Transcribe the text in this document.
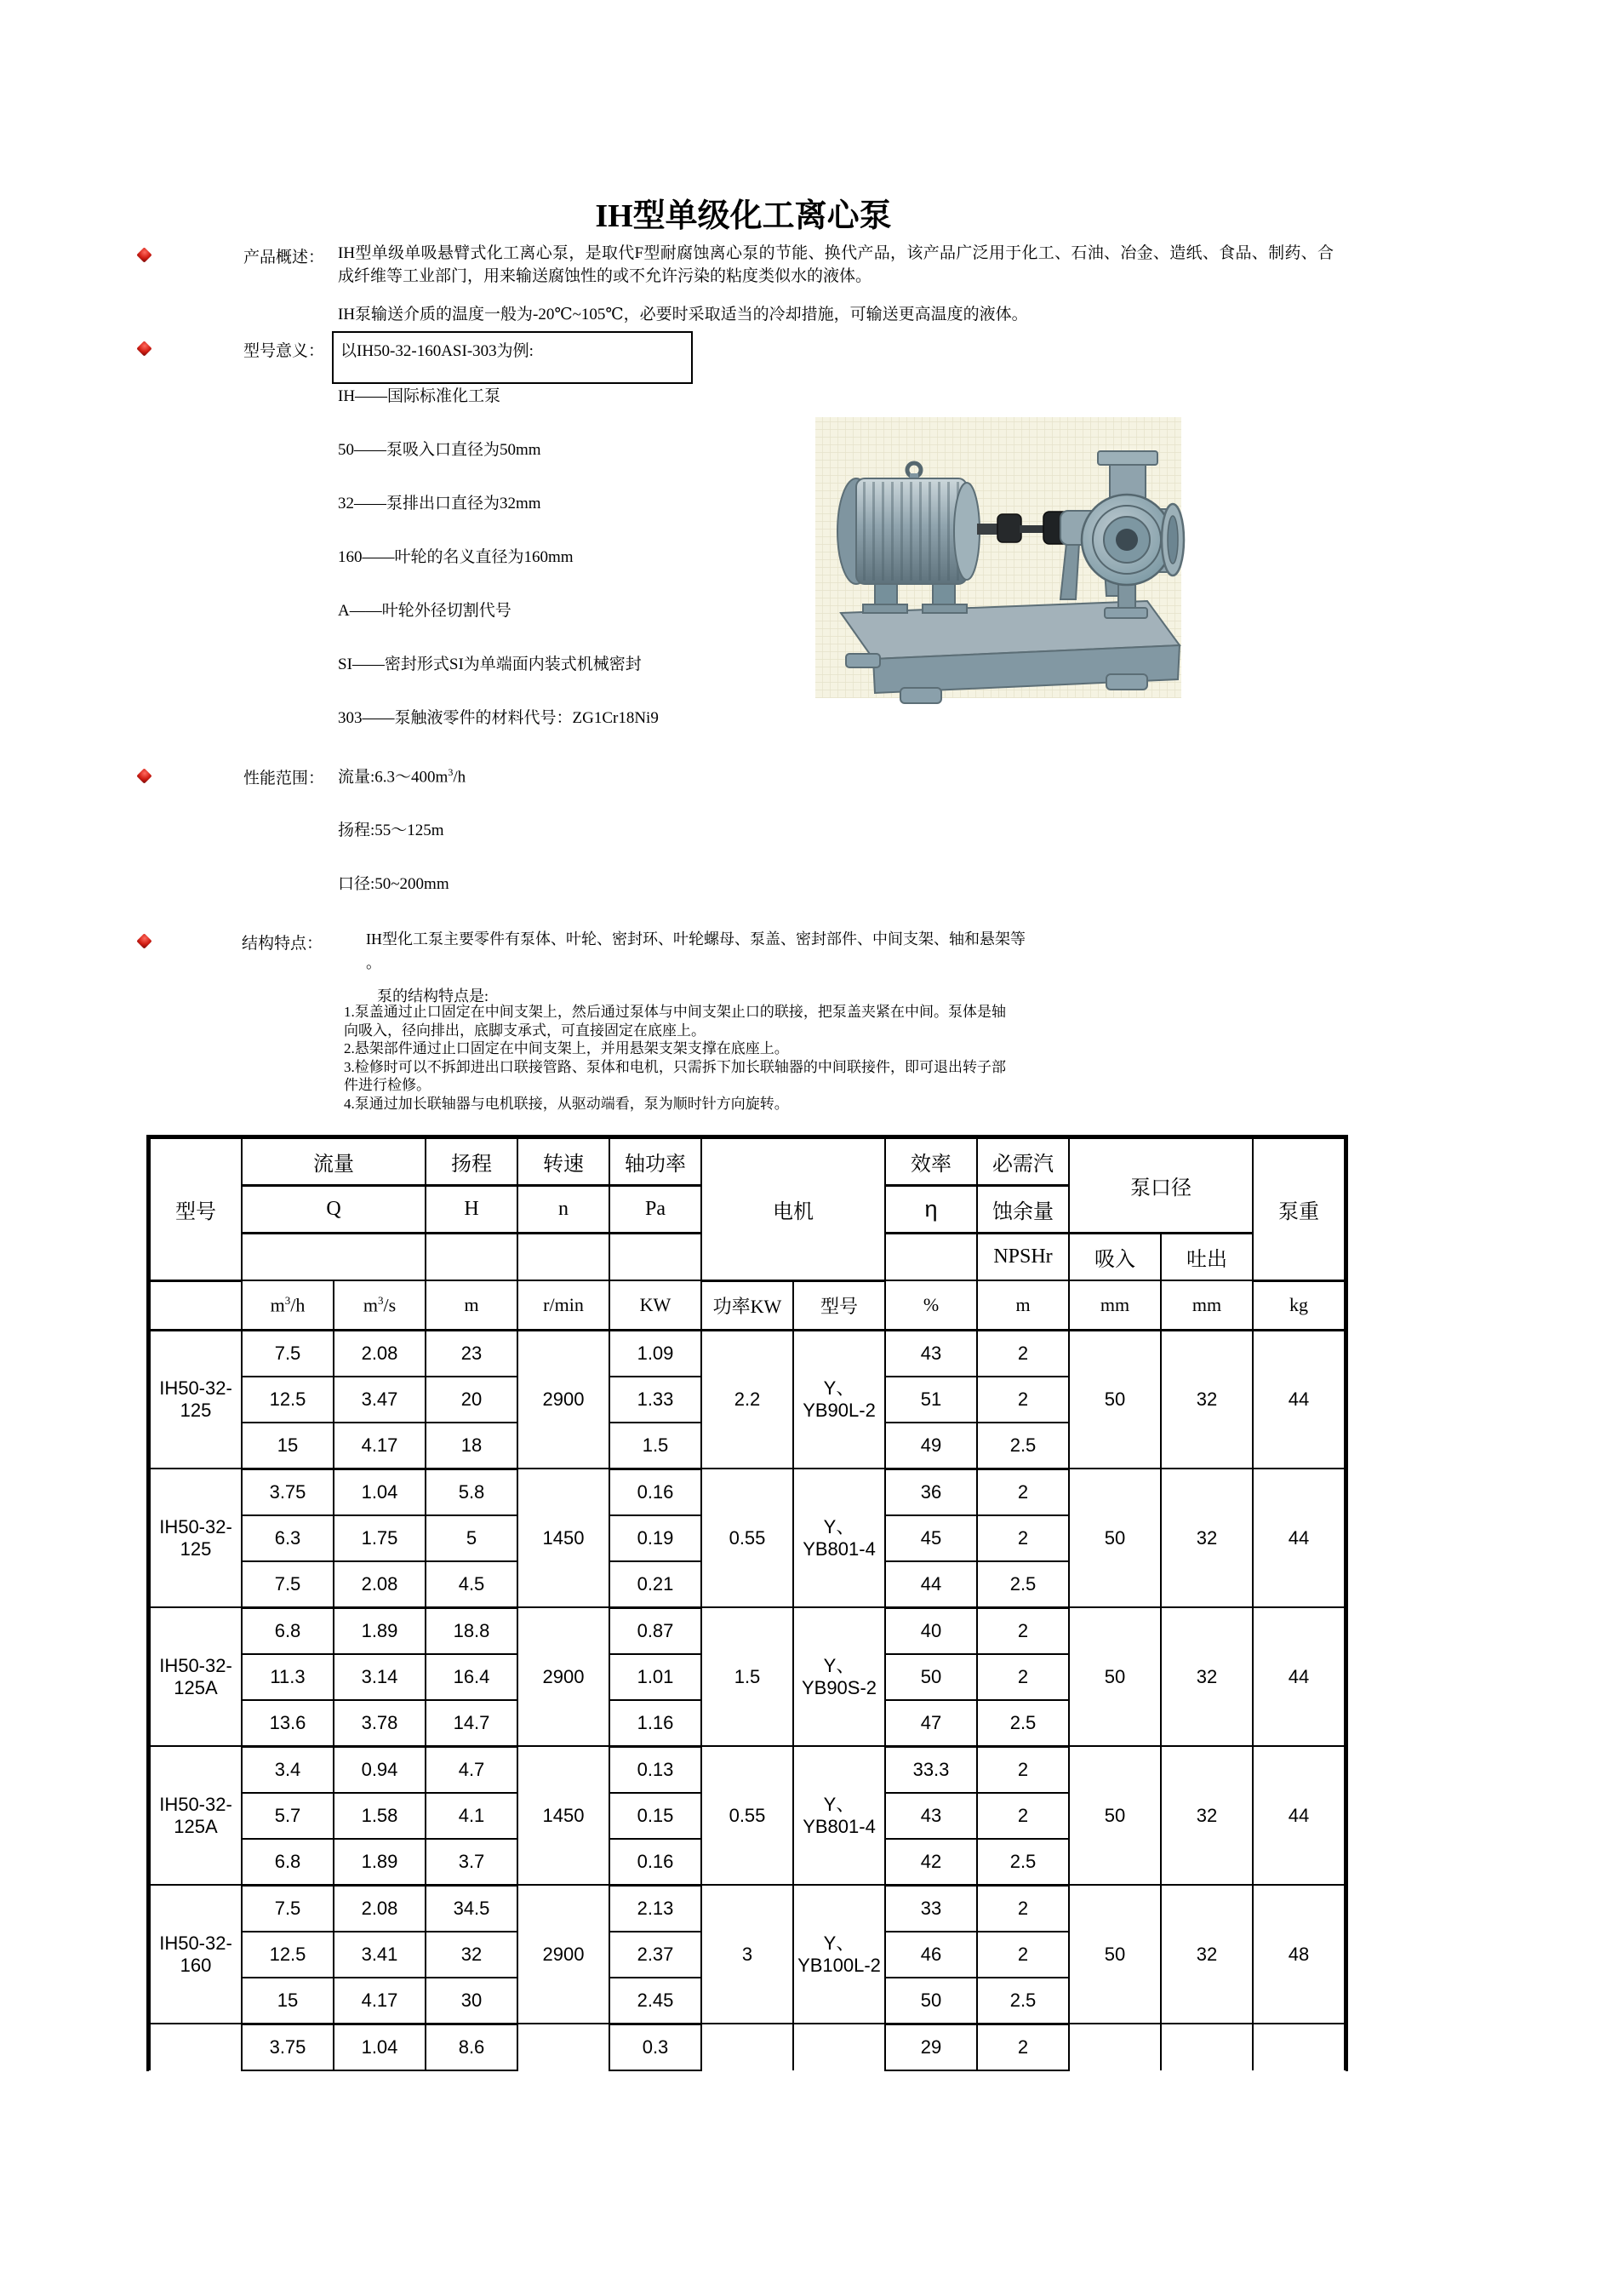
IH型单级化工离心泵
产品概述： IH型单级单吸悬臂式化工离心泵，是取代F型耐腐蚀离心泵的节能、换代产品，该产品广泛用于化工、石油、冶金、造纸、食品、制药、合成纤维等工业部门，用来输送腐蚀性的或不允许污染的粘度类似水的液体。
IH泵输送介质的温度一般为-20℃~105℃，必要时采取适当的冷却措施，可输送更高温度的液体。
型号意义： 以IH50-32-160ASI-303为例:
IH——国际标准化工泵
50——泵吸入口直径为50mm
32——泵排出口直径为32mm
160——叶轮的名义直径为160mm
A——叶轮外径切割代号
SI——密封形式SI为单端面内装式机械密封
303——泵触液零件的材料代号：ZG1Cr18Ni9
性能范围： 流量$:6.3\sim 400m^3/h$
扬程:55～125m
口径:50~200mm
结构特点：	IH型化工泵主要零件有泵体、叶轮、密封环、叶轮螺母、泵盖、密封部件、中间支架、轴和悬架等
。
泵的结构特点是:
1.泵盖通过止口固定在中间支架上，然后通过泵体与中间支架止口的联接，把泵盖夹紧在中间。泵体是轴向吸入，径向排出，底脚支承式，可直接固定在底座上。
2.悬架部件通过止口固定在中间支架上，并用悬架支架支撑在底座上。
3.检修时可以不拆卸进出口联接管路、泵体和电机，只需拆下加长联轴器的中间联接件，即可退出转子部件进行检修。
4.泵通过加长联轴器与电机联接，从驱动端看，泵为顺时针方向旋转。
型号	流量		扬程	转速	轴功率	电机		效率	必需汽	泵口径		泵重
	Q		H	n	Pa			η	蚀余量			
									NPSHr	吸入	吐出	
	$m^3/h$	$m^3/s$	m	r/min	KW	功率KW	型号	%	m	mm	mm	kg
IH50-32-125	7.5	2.08	23	2900	1.09	2.2	Y、YB90L-2	43	2	50	32	44
	12.5	3.47	20		1.33			51	2			
	15	4.17	18		1.5			49	2.5			
IH50-32-125	3.75	1.04	5.8	1450	0.16	0.55	Y、YB801-4	36	2	50	32	44
	6.3	1.75	5		0.19			45	2			
	7.5	2.08	4.5		0.21			44	2.5			
IH50-32-125A	6.8	1.89	18.8	2900	0.87	1.5	Y、YB90S-2	40	2	50	32	44
	11.3	3.14	16.4		1.01			50	2			
	13.6	3.78	14.7		1.16			47	2.5			
IH50-32-125A	3.4	0.94	4.7	1450	0.13	0.55	Y、YB801-4	33.3	2	50	32	44
	5.7	1.58	4.1		0.15			43	2			
	6.8	1.89	3.7		0.16			42	2.5			
IH50-32-160	7.5	2.08	34.5	2900	2.13	3	Y、YB100L-2	33	2	50	32	48
	12.5	3.41	32		2.37			46	2			
	15	4.17	30		2.45			50	2.5			
	3.75	1.04	8.6		0.3			29	2			
